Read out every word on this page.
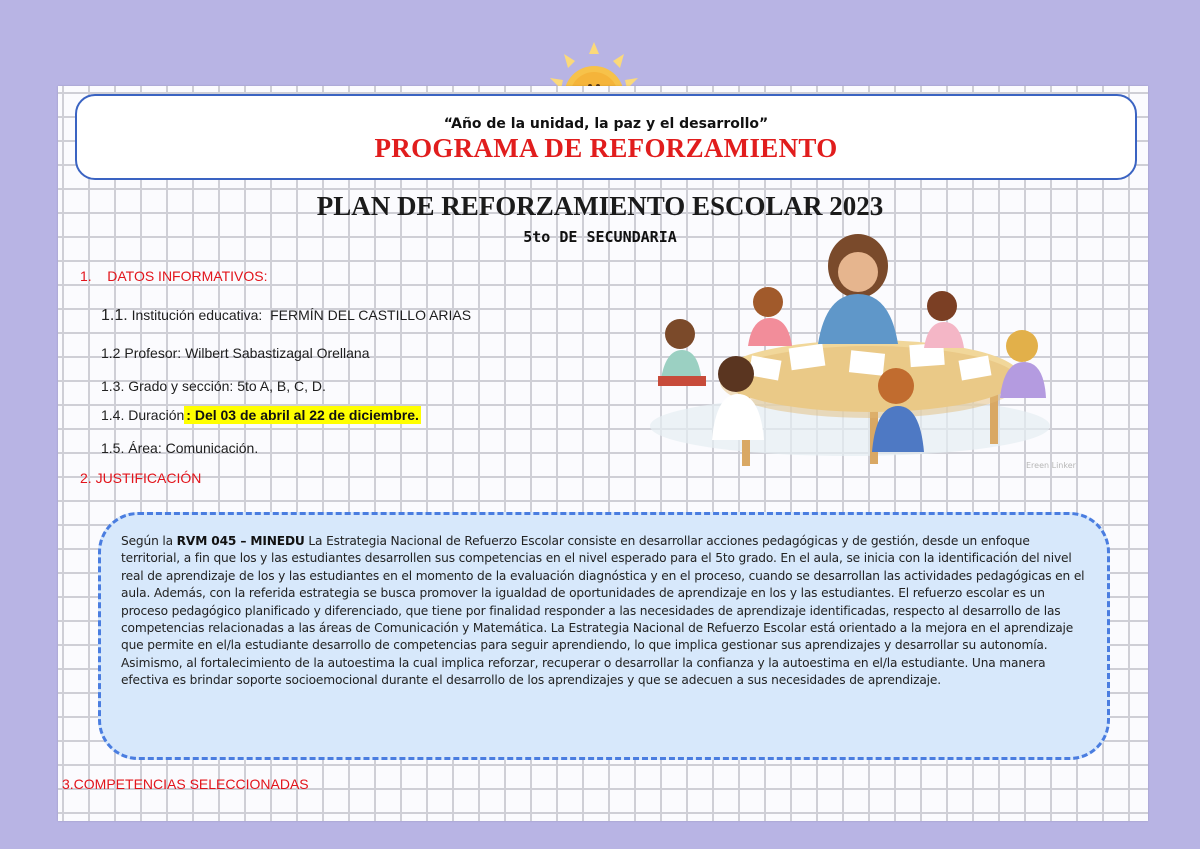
“Año de la unidad, la paz y el desarrollo”
PROGRAMA DE REFORZAMIENTO
PLAN DE REFORZAMIENTO ESCOLAR 2023
5to DE SECUNDARIA
1.    DATOS INFORMATIVOS:
1.1. Institución educativa:  FERMÍN DEL CASTILLO ARIAS
1.2 Profesor: Wilbert Sabastizagal Orellana
1.3. Grado y sección: 5to A, B, C, D.
1.4. Duración : Del 03 de abril al 22 de diciembre.
1.5. Área: Comunicación.
2. JUSTIFICACIÓN
Ereen Linker
Según la RVM 045 – MINEDU La Estrategia Nacional de Refuerzo Escolar consiste en desarrollar acciones pedagógicas y de gestión, desde un enfoque territorial, a fin que los y las estudiantes desarrollen sus competencias en el nivel esperado para el 5to grado. En el aula, se inicia con la identificación del nivel real de aprendizaje de los y las estudiantes en el momento de la evaluación diagnóstica y en el proceso, cuando se desarrollan las actividades pedagógicas en el aula. Además, con la referida estrategia se busca promover la igualdad de oportunidades de aprendizaje en los y las estudiantes. El refuerzo escolar es un proceso pedagógico planificado y diferenciado, que tiene por finalidad responder a las necesidades de aprendizaje identificadas, respecto al desarrollo de las competencias relacionadas a las áreas de Comunicación y Matemática. La Estrategia Nacional de Refuerzo Escolar está orientado a la mejora en el aprendizaje que permite en el/la estudiante desarrollo de competencias para seguir aprendiendo, lo que implica gestionar sus aprendizajes y desarrollar su autonomía. Asimismo, al fortalecimiento de la autoestima la cual implica reforzar, recuperar o desarrollar la confianza y la autoestima en el/la estudiante. Una manera efectiva es brindar soporte socioemocional durante el desarrollo de los aprendizajes y que se adecuen a sus necesidades de aprendizaje.
3.COMPETENCIAS SELECCIONADAS
